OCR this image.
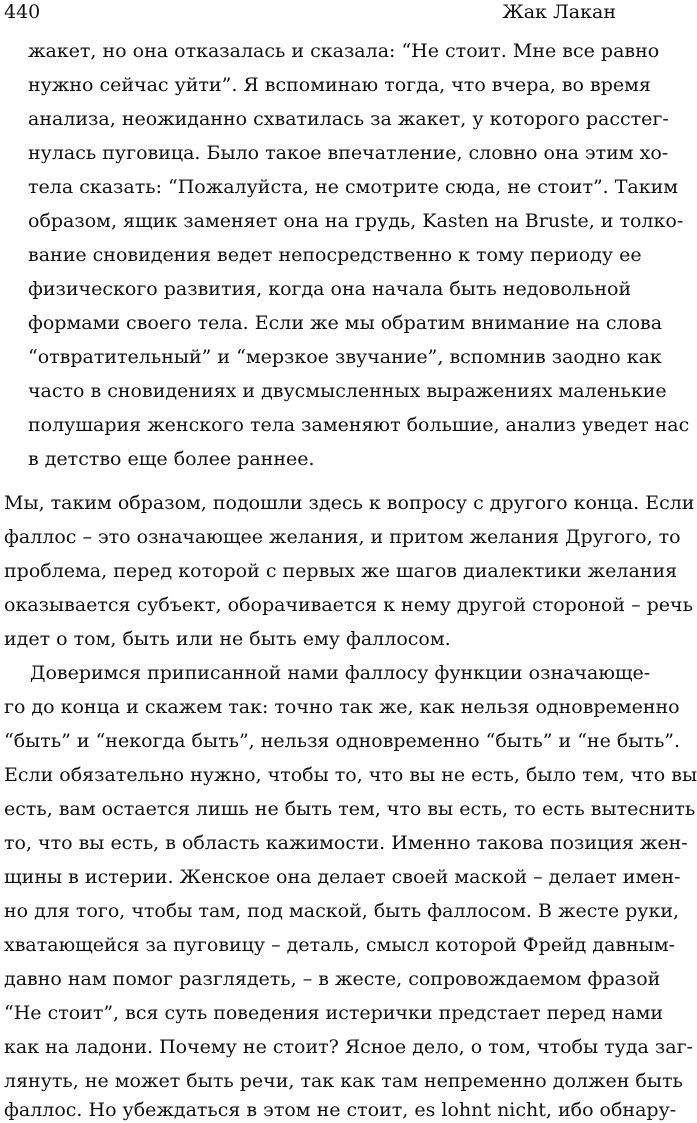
440	Жак Лакан
жакет, но она отказалась и сказала: “Не стоит. Мне все равно
нужно сейчас уйти”. Я вспоминаю тогда, что вчера, во время
анализа, неожиданно схватилась за жакет, у которого расстег-
нулась пуговица. Было такое впечатление, словно она этим хо-
тела сказать: “Пожалуйста, не смотрите сюда, не стоит”. Таким
образом, ящик заменяет она на грудь, Kasten на Bruste, и толко-
вание сновидения ведет непосредственно к тому периоду ее
физического развития, когда она начала быть недовольной
формами своего тела. Если же мы обратим внимание на слова
“отвратительный” и “мерзкое звучание”, вспомнив заодно как
часто в сновидениях и двусмысленных выражениях маленькие
полушария женского тела заменяют большие, анализ уведет нас
в детство еще более раннее.
Мы, таким образом, подошли здесь к вопросу с другого конца. Если
фаллос – это означающее желания, и притом желания Другого, то
проблема, перед которой с первых же шагов диалектики желания
оказывается субъект, оборачивается к нему другой стороной – речь
идет о том, быть или не быть ему фаллосом.
Доверимся приписанной нами фаллосу функции означающе-
го до конца и скажем так: точно так же, как нельзя одновременно
“быть” и “некогда быть”, нельзя одновременно “быть” и “не быть”.
Если обязательно нужно, чтобы то, что вы не есть, было тем, что вы
есть, вам остается лишь не быть тем, что вы есть, то есть вытеснить
то, что вы есть, в область кажимости. Именно такова позиция жен-
щины в истерии. Женское она делает своей маской – делает имен-
но для того, чтобы там, под маской, быть фаллосом. В жесте руки,
хватающейся за пуговицу – деталь, смысл которой Фрейд давным-
давно нам помог разглядеть, – в жесте, сопровождаемом фразой
“Не стоит”, вся суть поведения истерички предстает перед нами
как на ладони. Почему не стоит? Ясное дело, о том, чтобы туда заг-
лянуть, не может быть речи, так как там непременно должен быть
фаллос. Но убеждаться в этом не стоит, es lohnt nicht, ибо обнару-
